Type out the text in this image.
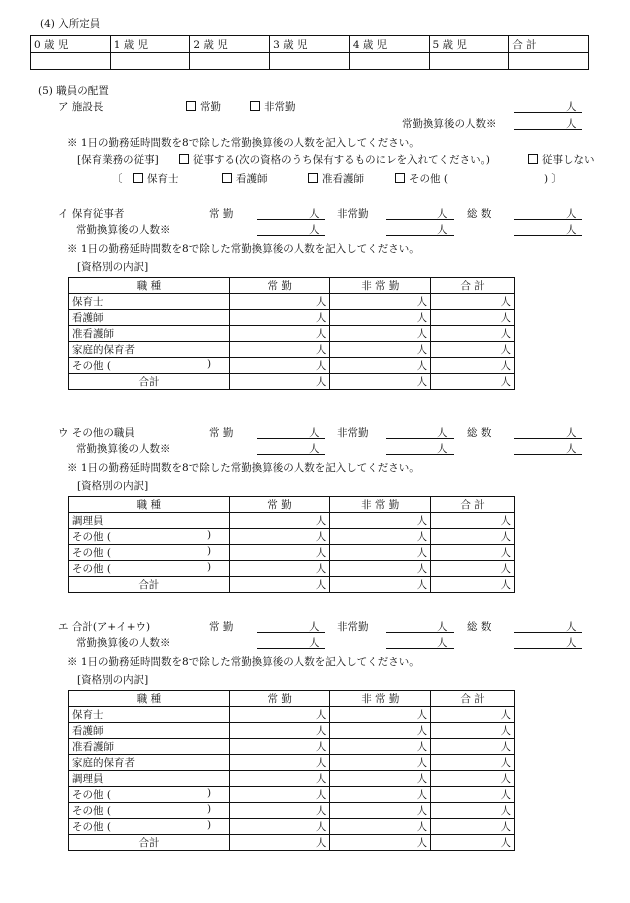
(4) 入所定員
0 歳 児	1 歳 児	2 歳 児	3 歳 児	4 歳 児	5 歳 児	合 計

(5) 職員の配置
ア 施設長	常勤	非常勤	人
常勤換算後の人数※	人
※ 1日の勤務延時間数を8で除した常勤換算後の人数を記入してください。
[保育業務の従事]	従事する(次の資格のうち保有するものにレを入れてください。)	従事しない
〔	保育士	看護師	准看護師	その他 (	) 〕
イ 保育従事者	常 勤	人 非常勤	人 総 数	人
常勤換算後の人数※	人	人	人
※ 1日の勤務延時間数を8で除した常勤換算後の人数を記入してください。
[資格別の内訳]
職 種	常 勤	非 常 勤	合 計
保育士	人	人	人
看護師	人	人	人
准看護師	人	人	人
家庭的保育者	人	人	人
その他 ( )	人	人	人
合計	人	人	人
ウ その他の職員	常 勤	人 非常勤	人 総 数	人
常勤換算後の人数※	人	人	人
※ 1日の勤務延時間数を8で除した常勤換算後の人数を記入してください。
[資格別の内訳]
職 種	常 勤	非 常 勤	合 計
調理員	人	人	人
その他 ( )	人	人	人
その他 ( )	人	人	人
その他 ( )	人	人	人
合計	人	人	人
エ 合計(ア+イ+ウ)	常 勤	人 非常勤	人 総 数	人
常勤換算後の人数※	人	人	人
※ 1日の勤務延時間数を8で除した常勤換算後の人数を記入してください。
[資格別の内訳]
職 種	常 勤	非 常 勤	合 計
保育士	人	人	人
看護師	人	人	人
准看護師	人	人	人
家庭的保育者	人	人	人
調理員	人	人	人
その他 ( )	人	人	人
その他 ( )	人	人	人
その他 ( )	人	人	人
合計	人	人	人
